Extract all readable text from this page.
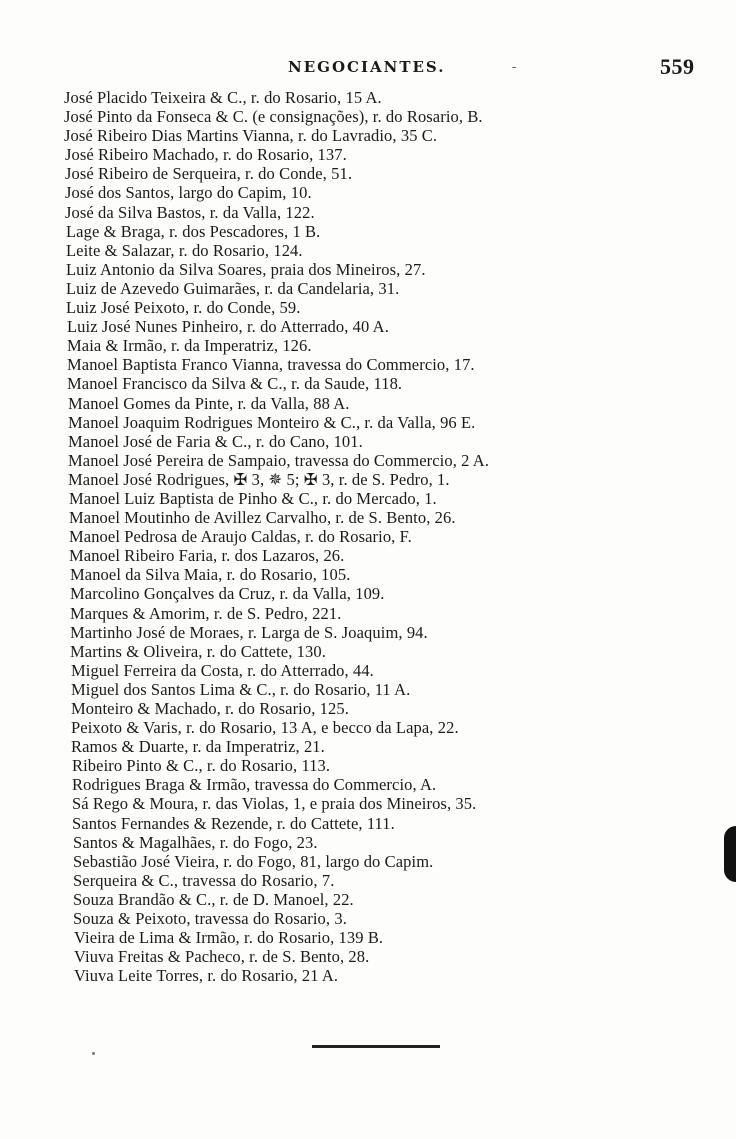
NEGOCIANTES.	-	559
José Placido Teixeira & C., r. do Rosario, 15 A.
José Pinto da Fonseca & C. (e consignações), r. do Rosario, B.
José Ribeiro Dias Martins Vianna, r. do Lavradio, 35 C.
José Ribeiro Machado, r. do Rosario, 137.
José Ribeiro de Serqueira, r. do Conde, 51.
José dos Santos, largo do Capim, 10.
José da Silva Bastos, r. da Valla, 122.
Lage & Braga, r. dos Pescadores, 1 B.
Leite & Salazar, r. do Rosario, 124.
Luiz Antonio da Silva Soares, praia dos Mineiros, 27.
Luiz de Azevedo Guimarães, r. da Candelaria, 31.
Luiz José Peixoto, r. do Conde, 59.
Luiz José Nunes Pinheiro, r. do Atterrado, 40 A.
Maia & Irmão, r. da Imperatriz, 126.
Manoel Baptista Franco Vianna, travessa do Commercio, 17.
Manoel Francisco da Silva & C., r. da Saude, 118.
Manoel Gomes da Pinte, r. da Valla, 88 A.
Manoel Joaquim Rodrigues Monteiro & C., r. da Valla, 96 E.
Manoel José de Faria & C., r. do Cano, 101.
Manoel José Pereira de Sampaio, travessa do Commercio, 2 A.
Manoel José Rodrigues, ✠ 3, ✵ 5; ✠ 3, r. de S. Pedro, 1.
Manoel Luiz Baptista de Pinho & C., r. do Mercado, 1.
Manoel Moutinho de Avillez Carvalho, r. de S. Bento, 26.
Manoel Pedrosa de Araujo Caldas, r. do Rosario, F.
Manoel Ribeiro Faria, r. dos Lazaros, 26.
Manoel da Silva Maia, r. do Rosario, 105.
Marcolino Gonçalves da Cruz, r. da Valla, 109.
Marques & Amorim, r. de S. Pedro, 221.
Martinho José de Moraes, r. Larga de S. Joaquim, 94.
Martins & Oliveira, r. do Cattete, 130.
Miguel Ferreira da Costa, r. do Atterrado, 44.
Miguel dos Santos Lima & C., r. do Rosario, 11 A.
Monteiro & Machado, r. do Rosario, 125.
Peixoto & Varis, r. do Rosario, 13 A, e becco da Lapa, 22.
Ramos & Duarte, r. da Imperatriz, 21.
Ribeiro Pinto & C., r. do Rosario, 113.
Rodrigues Braga & Irmão, travessa do Commercio, A.
Sá Rego & Moura, r. das Violas, 1, e praia dos Mineiros, 35.
Santos Fernandes & Rezende, r. do Cattete, 111.
Santos & Magalhães, r. do Fogo, 23.
Sebastião José Vieira, r. do Fogo, 81, largo do Capim.
Serqueira & C., travessa do Rosario, 7.
Souza Brandão & C., r. de D. Manoel, 22.
Souza & Peixoto, travessa do Rosario, 3.
Vieira de Lima & Irmão, r. do Rosario, 139 B.
Viuva Freitas & Pacheco, r. de S. Bento, 28.
Viuva Leite Torres, r. do Rosario, 21 A.
